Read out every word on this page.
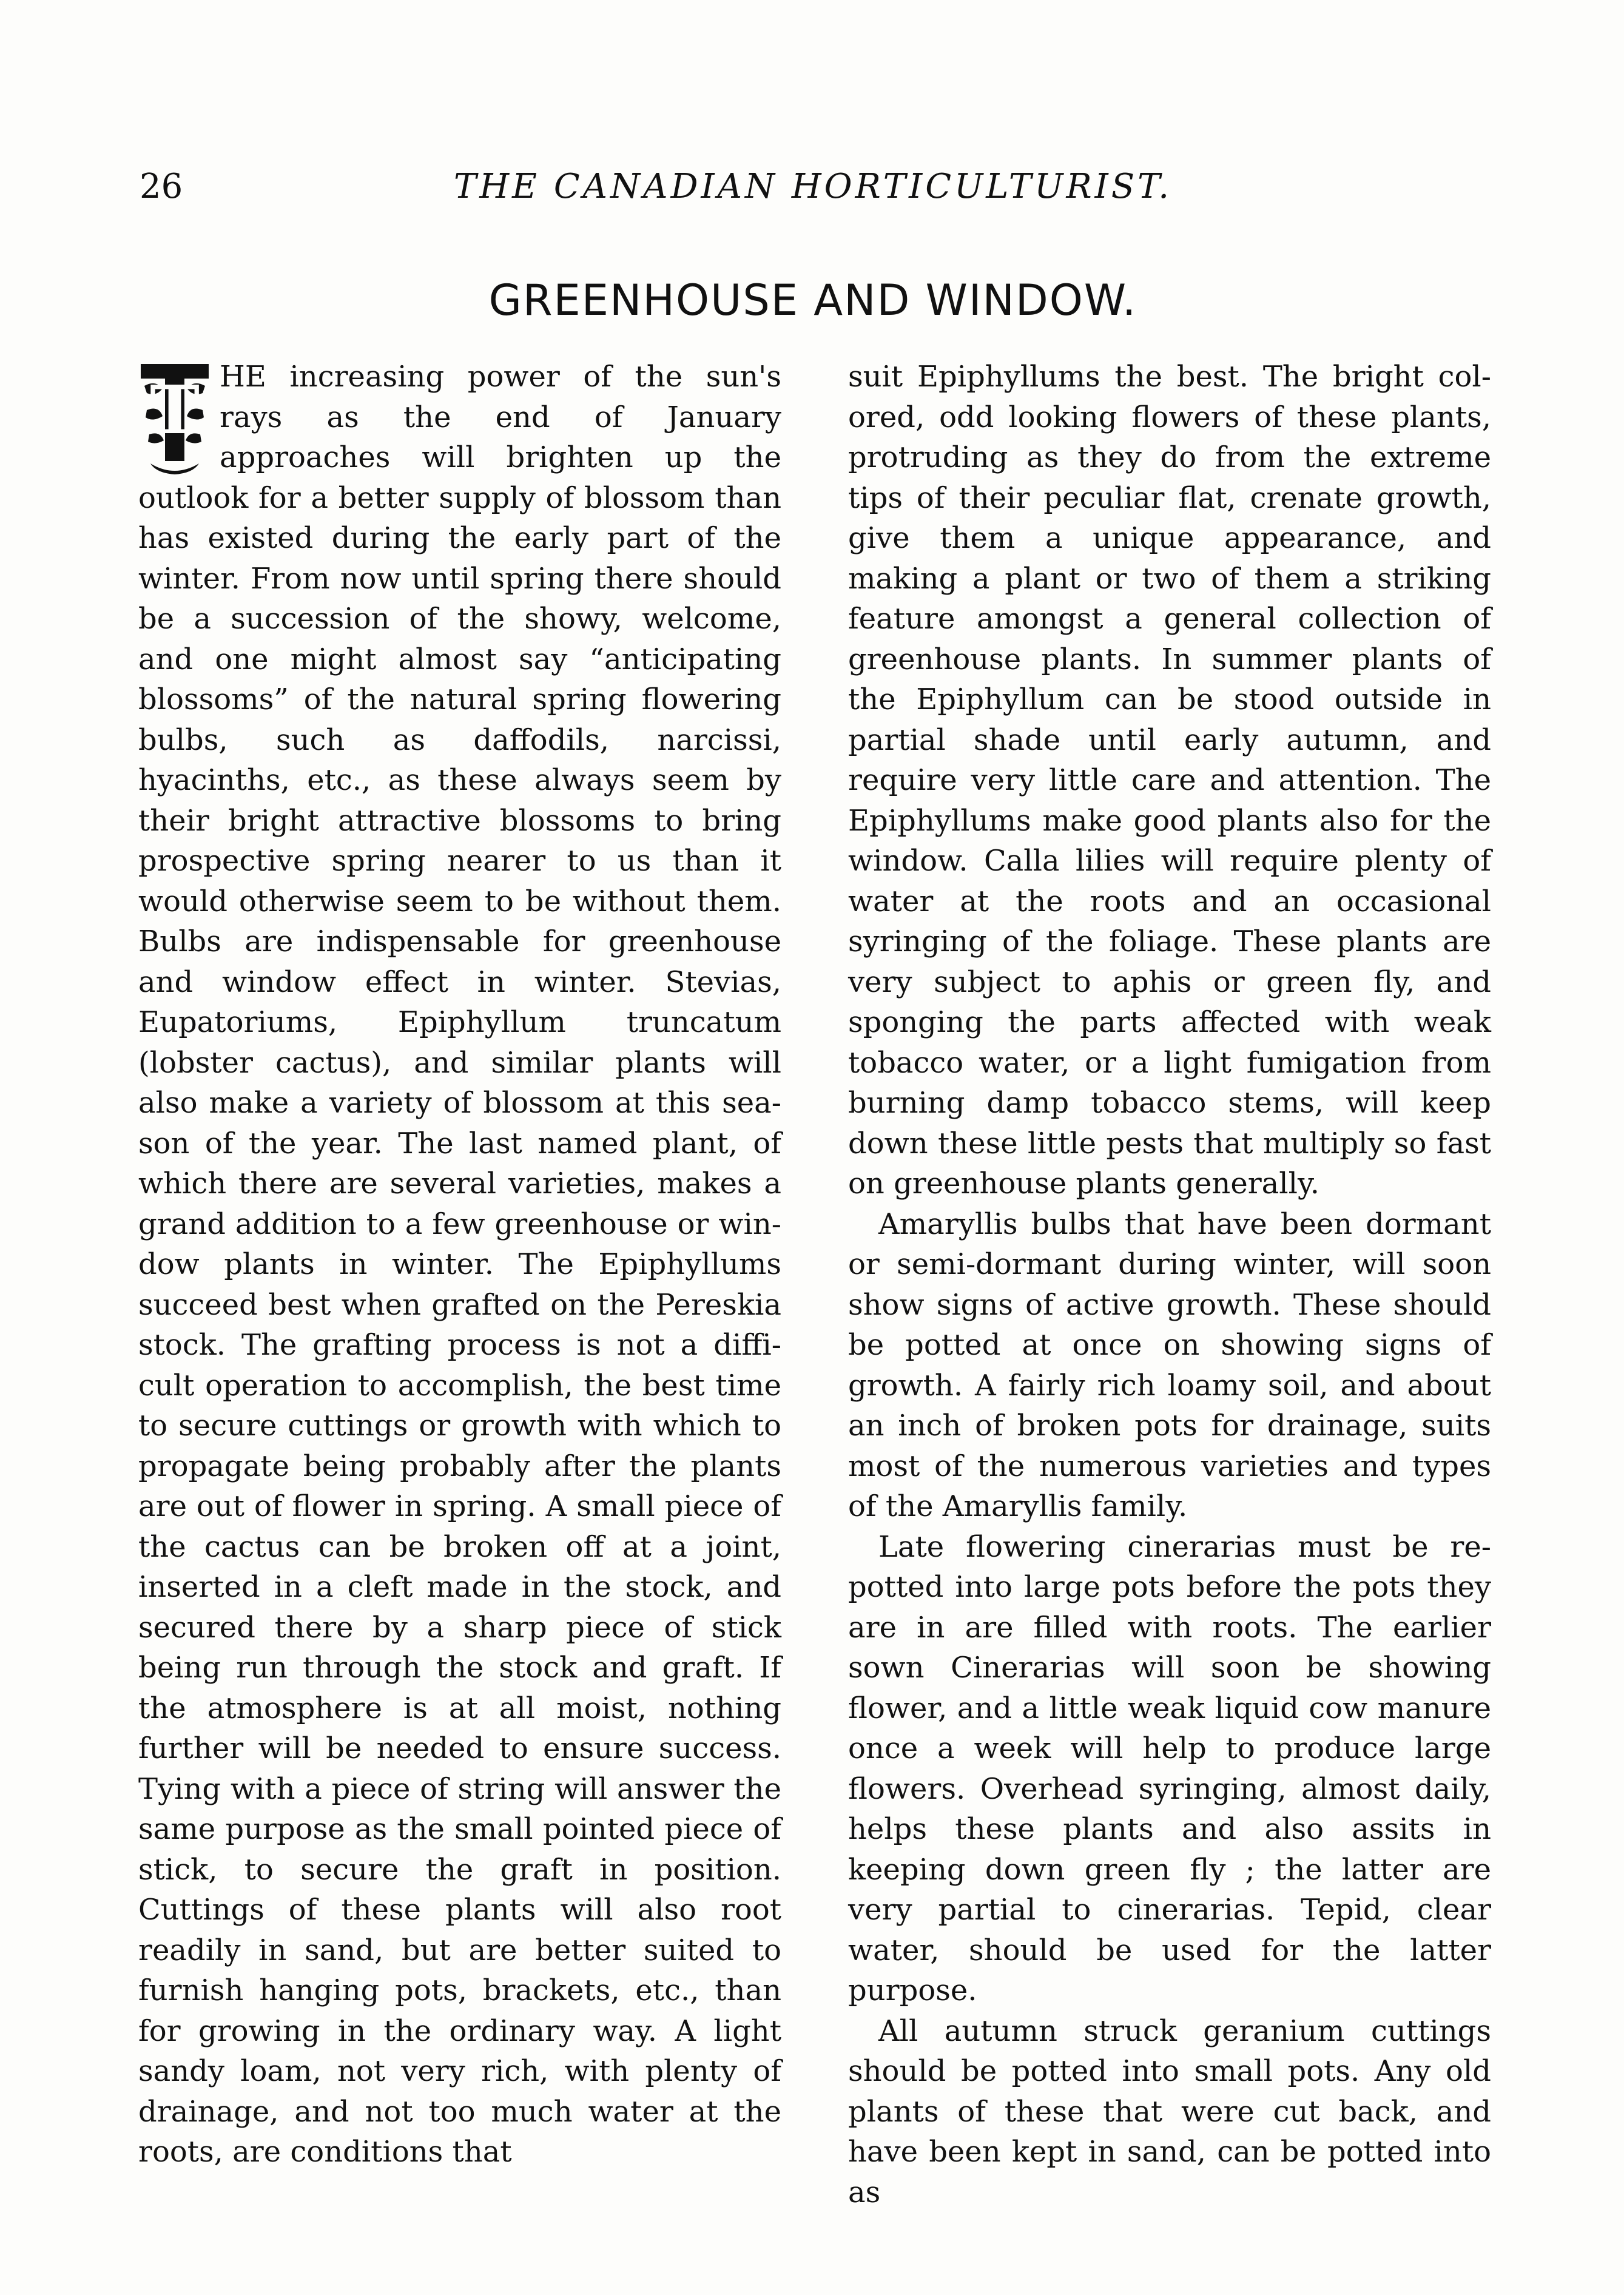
26	THE CANADIAN HORTICULTURIST.
GREENHOUSE AND WINDOW.
T HE increasing power of the sun's rays as the end of January approaches will brighten up the outlook for a better supply of blossom than has existed during the early part of the winter. From now until spring there should be a succession of the showy, welcome, and one might almost say “anticipating blossoms” of the natural spring flowering bulbs, such as daffodils, narcissi, hyacinths, etc., as these always seem by their bright attractive blossoms to bring prospective spring nearer to us than it would otherwise seem to be without them. Bulbs are indispensable for greenhouse and window effect in winter. Stevias, Eupatoriums, Epiphyllum truncatum (lobster cactus), and similar plants will also make a variety of blossom at this season of the year. The last named plant, of which there are several varieties, makes a grand addition to a few greenhouse or window plants in winter. The Epiphyllums succeed best when grafted on the Pereskia stock. The grafting process is not a difficult operation to accomplish, the best time to secure cuttings or growth with which to propagate being probably after the plants are out of flower in spring. A small piece of the cactus can be broken off at a joint, inserted in a cleft made in the stock, and secured there by a sharp piece of stick being run through the stock and graft. If the atmosphere is at all moist, nothing further will be needed to ensure success. Tying with a piece of string will answer the same purpose as the small pointed piece of stick, to secure the graft in position. Cuttings of these plants will also root readily in sand, but are better suited to furnish hanging pots, brackets, etc., than for growing in the ordinary way. A light sandy loam, not very rich, with plenty of drainage, and not too much water at the roots, are conditions that

suit Epiphyllums the best. The bright colored, odd looking flowers of these plants, protruding as they do from the extreme tips of their peculiar flat, crenate growth, give them a unique appearance, and making a plant or two of them a striking feature amongst a general collection of greenhouse plants. In summer plants of the Epiphyllum can be stood outside in partial shade until early autumn, and require very little care and attention. The Epiphyllums make good plants also for the window. Calla lilies will require plenty of water at the roots and an occasional syringing of the foliage. These plants are very subject to aphis or green fly, and sponging the parts affected with weak tobacco water, or a light fumigation from burning damp tobacco stems, will keep down these little pests that multiply so fast on greenhouse plants generally.

Amaryllis bulbs that have been dormant or semi-dormant during winter, will soon show signs of active growth. These should be potted at once on showing signs of growth. A fairly rich loamy soil, and about an inch of broken pots for drainage, suits most of the numerous varieties and types of the Amaryllis family.

Late flowering cinerarias must be repotted into large pots before the pots they are in are filled with roots. The earlier sown Cinerarias will soon be showing flower, and a little weak liquid cow manure once a week will help to produce large flowers. Overhead syringing, almost daily, helps these plants and also assits in keeping down green fly ; the latter are very partial to cinerarias. Tepid, clear water, should be used for the latter purpose.

All autumn struck geranium cuttings should be potted into small pots. Any old plants of these that were cut back, and have been kept in sand, can be potted into as
